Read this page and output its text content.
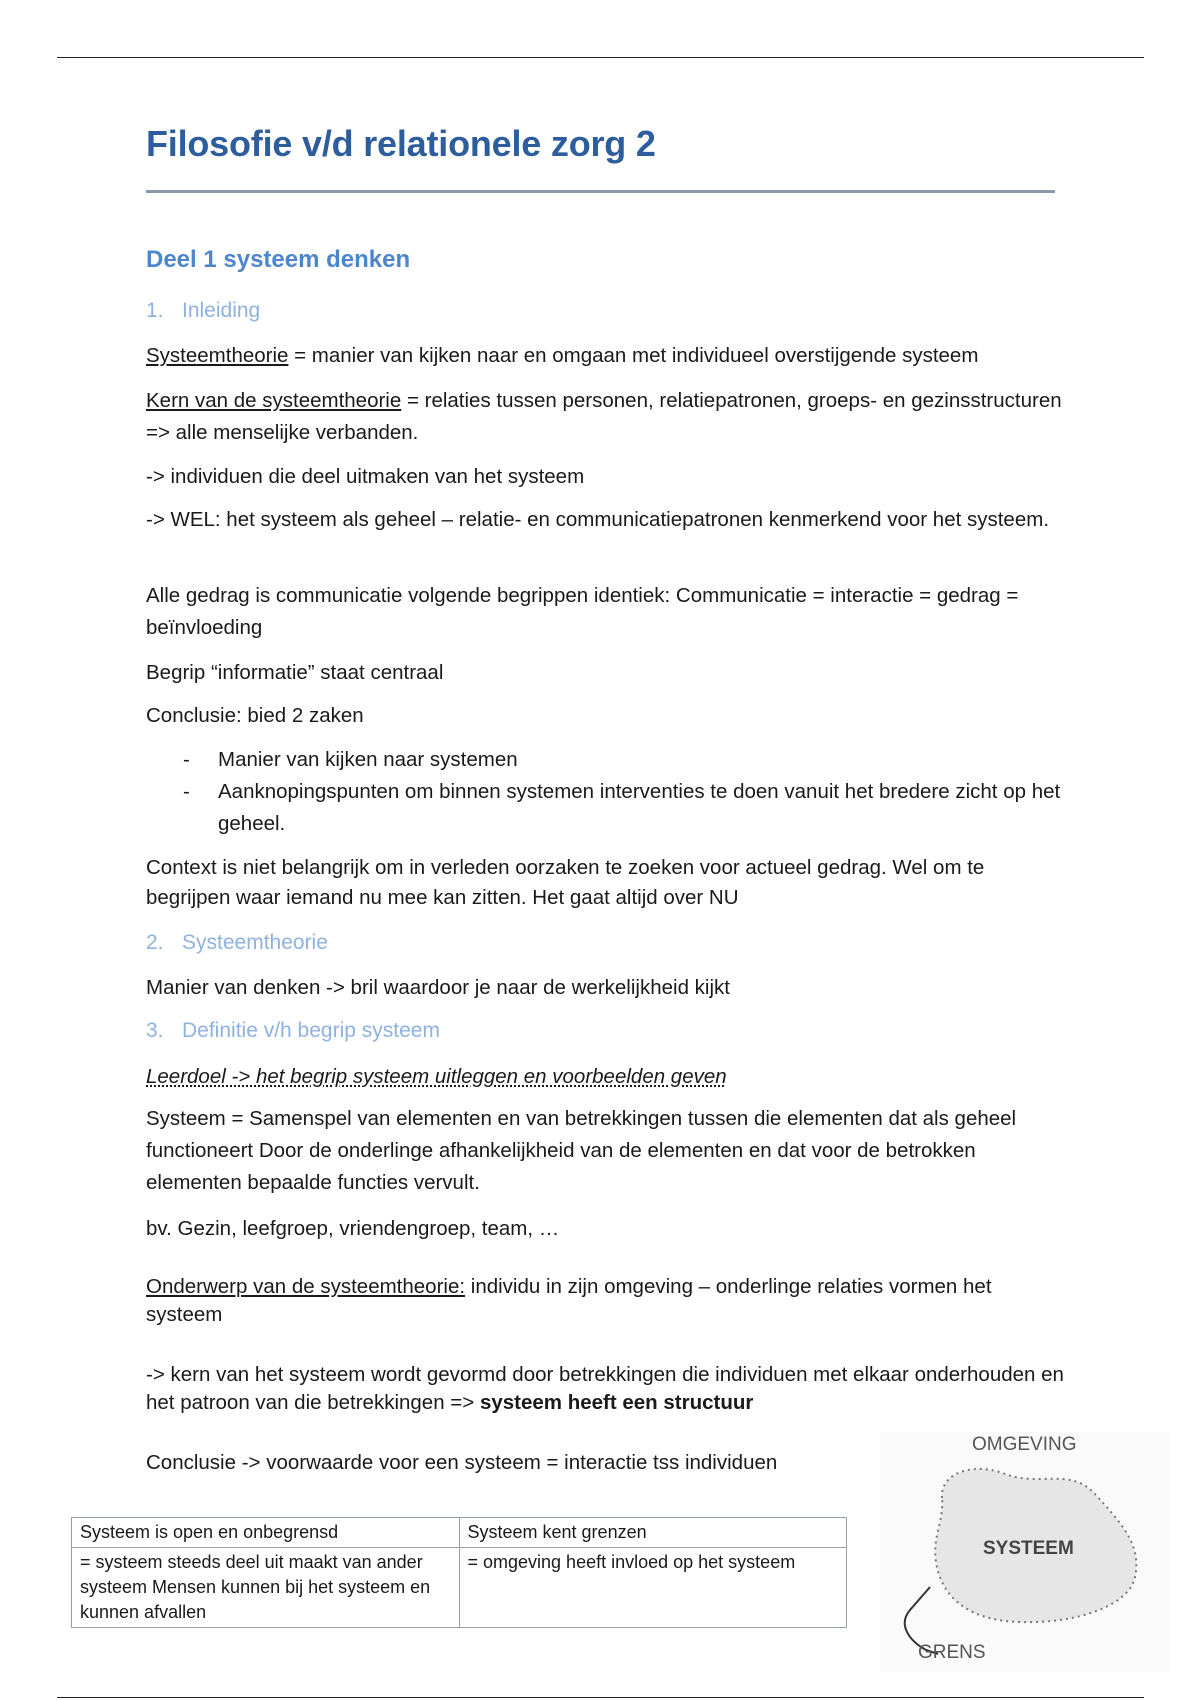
Filosofie v/d relationele zorg 2
Deel 1 systeem denken
1. Inleiding

Systeemtheorie = manier van kijken naar en omgaan met individueel overstijgende systeem

Kern van de systeemtheorie = relaties tussen personen, relatiepatronen, groeps- en gezinsstructuren => alle menselijke verbanden.

-> individuen die deel uitmaken van het systeem

-> WEL: het systeem als geheel – relatie- en communicatiepatronen kenmerkend voor het systeem.

Alle gedrag is communicatie volgende begrippen identiek: Communicatie = interactie = gedrag = beïnvloeding

Begrip “informatie” staat centraal

Conclusie: bied 2 zaken

- Manier van kijken naar systemen
- Aanknopingspunten om binnen systemen interventies te doen vanuit het bredere zicht op het geheel.

Context is niet belangrijk om in verleden oorzaken te zoeken voor actueel gedrag. Wel om te begrijpen waar iemand nu mee kan zitten. Het gaat altijd over NU

2. Systeemtheorie

Manier van denken -> bril waardoor je naar de werkelijkheid kijkt

3. Definitie v/h begrip systeem

Leerdoel -> het begrip systeem uitleggen en voorbeelden geven

Systeem = Samenspel van elementen en van betrekkingen tussen die elementen dat als geheel functioneert Door de onderlinge afhankelijkheid van de elementen en dat voor de betrokken elementen bepaalde functies vervult.

bv. Gezin, leefgroep, vriendengroep, team, …

Onderwerp van de systeemtheorie: individu in zijn omgeving – onderlinge relaties vormen het systeem

-> kern van het systeem wordt gevormd door betrekkingen die individuen met elkaar onderhouden en het patroon van die betrekkingen => systeem heeft een structuur

Conclusie -> voorwaarde voor een systeem = interactie tss individuen

Systeem is open en onbegrensd	Systeem kent grenzen
= systeem steeds deel uit maakt van ander systeem Mensen kunnen bij het systeem en kunnen afvallen	= omgeving heeft invloed op het systeem
OMGEVING
SYSTEEM
GRENS
